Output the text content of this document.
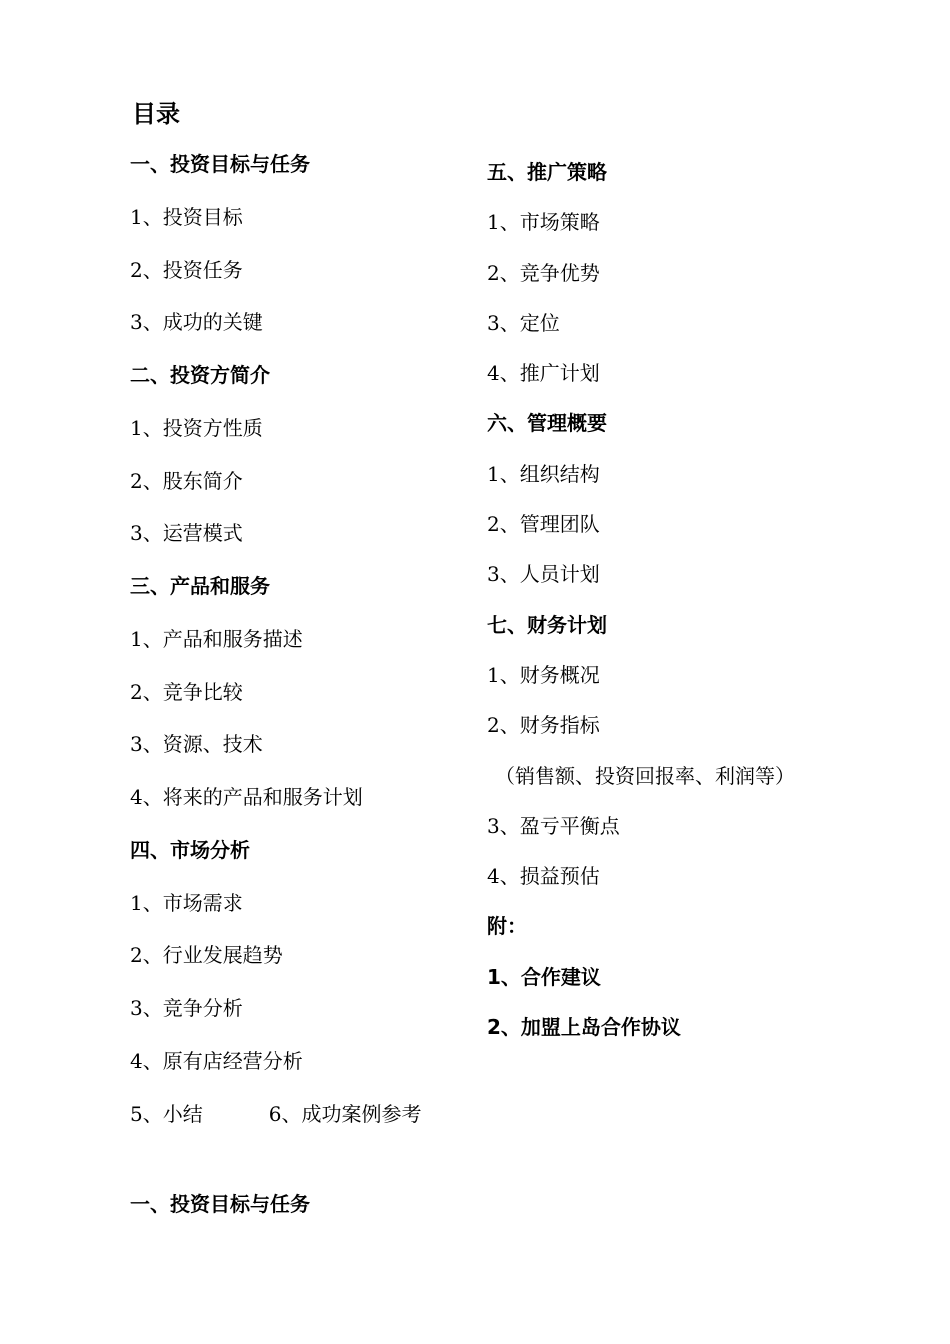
目录
一、投资目标与任务
1、投资目标
2、投资任务
3、成功的关键
二、投资方简介
1、投资方性质
2、股东简介
3、运营模式
三、产品和服务
1、产品和服务描述
2、竞争比较
3、资源、技术
4、将来的产品和服务计划
四、市场分析
1、市场需求
2、行业发展趋势
3、竞争分析
4、原有店经营分析
5、小结	6、成功案例参考
五、推广策略
1、市场策略
2、竞争优势
3、定位
4、推广计划
六、管理概要
1、组织结构
2、管理团队
3、人员计划
七、财务计划
1、财务概况
2、财务指标
（销售额、投资回报率、利润等）
3、盈亏平衡点
4、损益预估
附：
1、合作建议
2、加盟上岛合作协议
一、投资目标与任务
